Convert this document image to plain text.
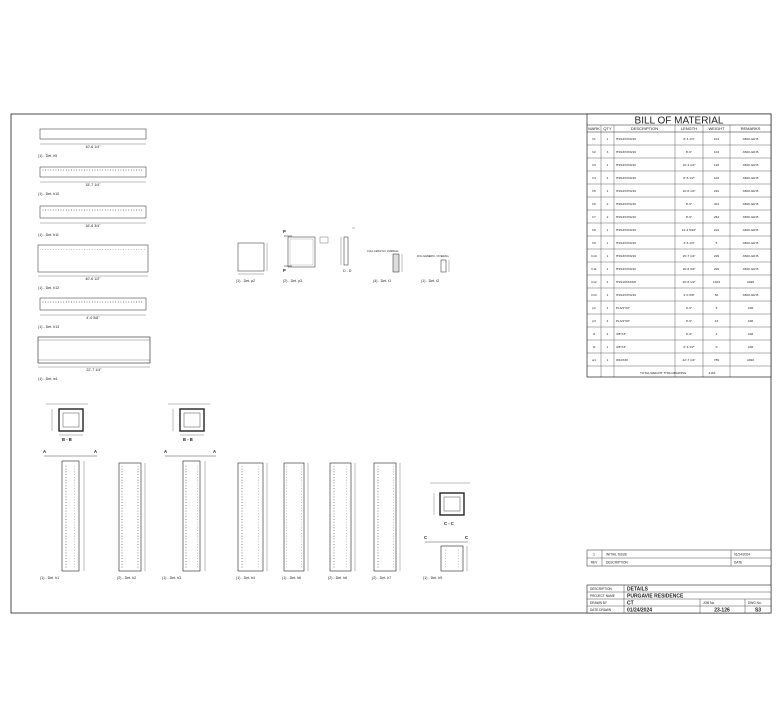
BILL OF MATERIAL
MARK QTY	DESCRIPTION	LENGTH	WEIGHT	REMARKS
h1	1 HSS3X3X3/16	8'-4 1/4"	101	A500-GR.B
h2	3 HSS3X3X3/16	8'-6"	104	A500-GR.B
h3	1 HSS3X3X3/16	10'-1 1/4"	126	A500-GR.B
h4	1 HSS3X3X3/16	8'-5 1/2"	102	A500-GR.B
h5	1 HSS3X3X3/16	10'-6 1/4"	222	A500-GR.B
h6	2 HSS3X3X3/16	8'-6"	401	A500-GR.B
h7	2 HSS3X3X3/16	8'-6"	264	A500-GR.B
h8	1 HSS3X3X3/16	11'-4 5/16"	222	A500-GR.B
h9	1 HSS3X3X3/16	3'-5 1/4"	5	A500-GR.B
h10	1 HSS3X3X3/16	15'-7 1/4"	229	A500-GR.B
h11	1 HSS3X3X3/16	16'-6 3/4"	200	A500-GR.B
h12	1 HSS10X6X3/8	40'-6 1/2"	1403	A992
h13	1 HSS3X3X3/16	4'-0 5/8"	50	A500-GR.B
p2	1 PL3/4"X6"	0'-6"	5	A36
p3	4 PL3/4"X6"	0'-6"	13	A36
t1	4 3/8"X3"	0'-4"	4	A36
t2	1 3/8"X3"	0'-1 1/2"	0	A36
w1	1 W10X30	22'-7 1/4"	789	A992
TOTAL WEIGHT THIS DRAWING	4164
10'-6 1/4"
(1) - Det. h5
15'-7 1/4"
(1) - Det. h10
16'-6 3/4"
(1) - Det. h11
40'-6 1/2"
(1) - Det. h12
4'-0 5/8"
(1) - Det. h13
22'-7 1/4"
(1) - Det. w1
(1) - Det. p2
P
P
(2) - Det. p3
D - D
FULL LENGTH / OVERALL
(4) - Det. t1
FOG GENERIC / OVERALL
(1) - Det. t2
B - B	B - B
C - C
A	A
(1) - Det. h1	(2) - Det. h2
A	A
(1) - Det. h3	(1) - Det. h4	(1) - Det. h6	(2) - Det. h6	(2) - Det. h7
C	C
(1) - Det. h9
1	INITIAL ISSUE	01/24/2024
REV	DESCRIPTION	DATE
DESCRIPTION	DETAILS
PROJECT NAME PURGAVIE RESIDENCE
DRAWN BY	CT
DATE DRAWN	01/24/2024
JOB No.
23-126
DWG No.
S3
